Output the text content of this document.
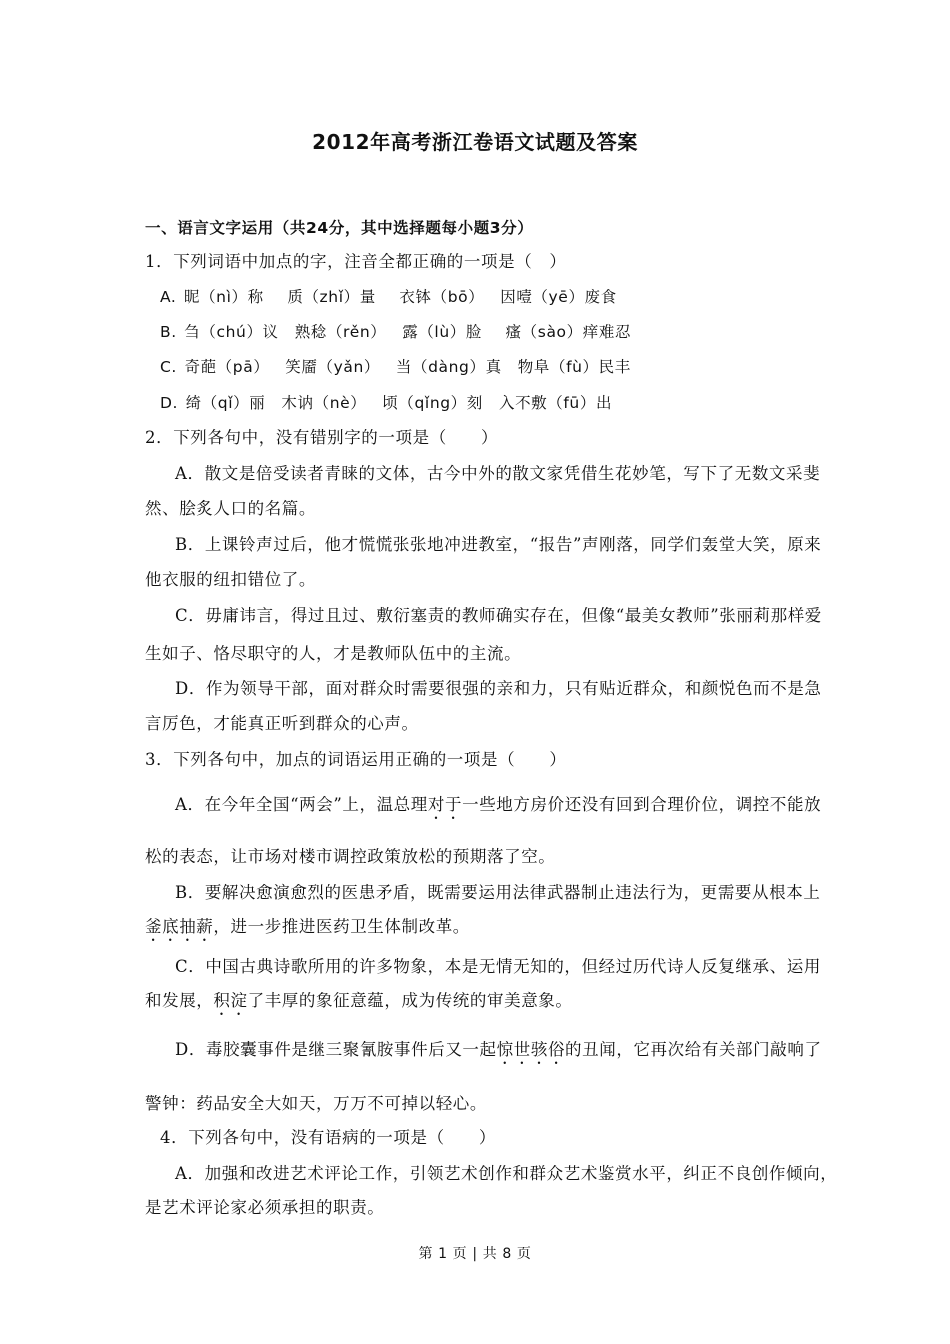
2012年高考浙江卷语文试题及答案
一、语言文字运用（共24分，其中选择题每小题3分）
1．下列词语中加点的字，注音全都正确的一项是（　）
A. 昵（nì）称　 质（zhǐ）量　 衣钵（bō）　 因噎（yē）废食
B. 刍（chú）议　熟稔（rěn）　 露（lù）脸　 瘙（sào）痒难忍
C. 奇葩（pā）　 笑靥（yǎn）　 当（dàng）真　物阜（fù）民丰
D. 绮（qǐ）丽　木讷（nè）　 顷（qǐng）刻　入不敷（fū）出
2．下列各句中，没有错别字的一项是（　　）
A．散文是倍受读者青睐的文体，古今中外的散文家凭借生花妙笔，写下了无数文采斐
然、脍炙人口的名篇。
B．上课铃声过后，他才慌慌张张地冲进教室，“报告”声刚落，同学们轰堂大笑，原来
他衣服的纽扣错位了。
C．毋庸讳言，得过且过、敷衍塞责的教师确实存在，但像“最美女教师”张丽莉那样爱
生如子、恪尽职守的人，才是教师队伍中的主流。
D．作为领导干部，面对群众时需要很强的亲和力，只有贴近群众，和颜悦色而不是急
言厉色，才能真正听到群众的心声。
3．下列各句中，加点的词语运用正确的一项是（　　）
A．在今年全国“两会”上，温总理对于一些地方房价还没有回到合理价位，调控不能放
松的表态，让市场对楼市调控政策放松的预期落了空。
B．要解决愈演愈烈的医患矛盾，既需要运用法律武器制止违法行为，更需要从根本上
釜底抽薪，进一步推进医药卫生体制改革。
C．中国古典诗歌所用的许多物象，本是无情无知的，但经过历代诗人反复继承、运用
和发展，积淀了丰厚的象征意蕴，成为传统的审美意象。
D．毒胶囊事件是继三聚氰胺事件后又一起惊世骇俗的丑闻，它再次给有关部门敲响了
警钟：药品安全大如天，万万不可掉以轻心。
4．下列各句中，没有语病的一项是（　　）
A．加强和改进艺术评论工作，引领艺术创作和群众艺术鉴赏水平，纠正不良创作倾向，
是艺术评论家必须承担的职责。
第 1 页 | 共 8 页
